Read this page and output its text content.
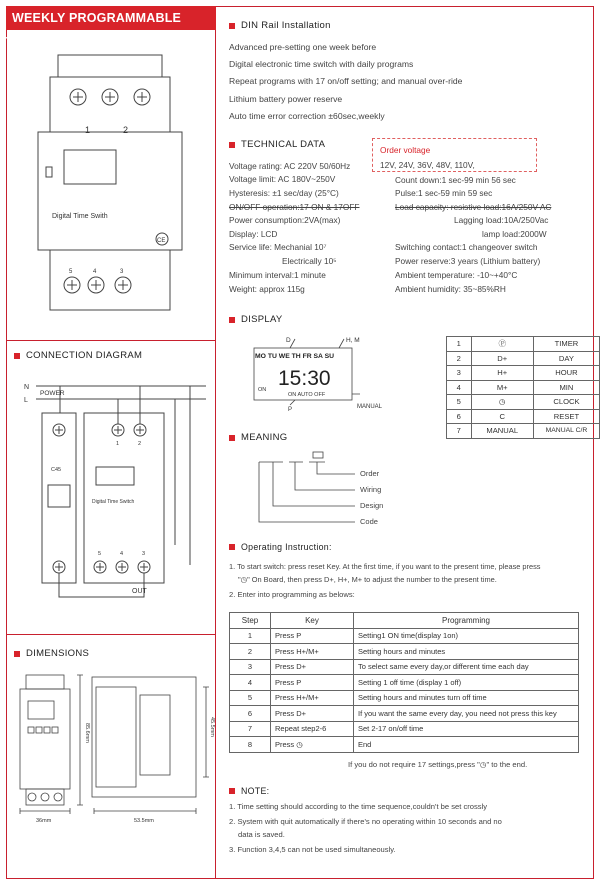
WEEKLY PROGRAMMABLE TIMER
1	2
Digital Time Swith
CE
5	4	3
CONNECTION DIAGRAM
N
L
POWER
C45
Digital Time Switch
1	2
5	4	3
OUT
DIMENSIONS
36mm	53.5mm
85.6mm	45.5mm
DIN Rail Installation
Advanced pre-setting one week before
Digital electronic time switch with daily programs
Repeat programs with 17 on/off setting; and manual over-ride
Lithium battery power reserve
Auto time error correction ±60sec,weekly
TECHNICAL DATA	Order voltage
12V, 24V, 36V, 48V, 110V,
Voltage rating: AC 220V 50/60Hz
Voltage limit: AC 180V~250V
Hysteresis: ±1 sec/day (25°C)
ON/OFF operation:17 ON & 17OFF
Power consumption:2VA(max)
Display: LCD
Service life: Mechanial 10⁷
Electrically 10⁵
Minimum interval:1 minute
Weight: approx 115g
Count down:1 sec-99 min 56 sec
Pulse:1 sec-59 min 59 sec
Load capacity: resistive load:16A/250V AC
Lagging load:10A/250Vac
lamp load:2000W
Switching contact:1 changeover switch
Power reserve:3 years (Lithium battery)
Ambient temperature: -10~+40°C
Ambient humidity: 35~85%RH
DISPLAY
D	H, M
MO TU WE TH FR SA SU
15:30
ON
ON AUTO OFF
P	MANUAL
1	Ⓟ	TIMER
2	D+	DAY
3	H+	HOUR
4	M+	MIN
5	◷	CLOCK
6	C	RESET
7	MANUAL	MANUAL C/R
MEANING
Order
Wiring
Design
Code
Operating Instruction:
1. To start switch: press reset Key. At the first time, if you want to the present time, please press
"◷" On Board, then press D+, H+, M+ to adjust the number to the present time.
2. Enter into programming as belows:
Step	Key	Programming
1	Press P	Setting1 ON time(display 1on)
2	Press H+/M+	Setting hours and minutes
3	Press D+	To select same every day,or different time each day
4	Press P	Setting 1 off time (display 1 off)
5	Press H+/M+	Setting hours and minutes turn off time
6	Press D+	If you want the same every day, you need not press this key
7	Repeat step2-6	Set 2-17 on/off time
8	Press ◷	End
If you do not require 17 settings,press "◷" to the end.
NOTE:
1. Time setting should according to the time sequence,couldn't be set crossly
2. System with quit automatically if there's no operating within 10 seconds and no
data is saved.
3. Function 3,4,5 can not be used simultaneously.
